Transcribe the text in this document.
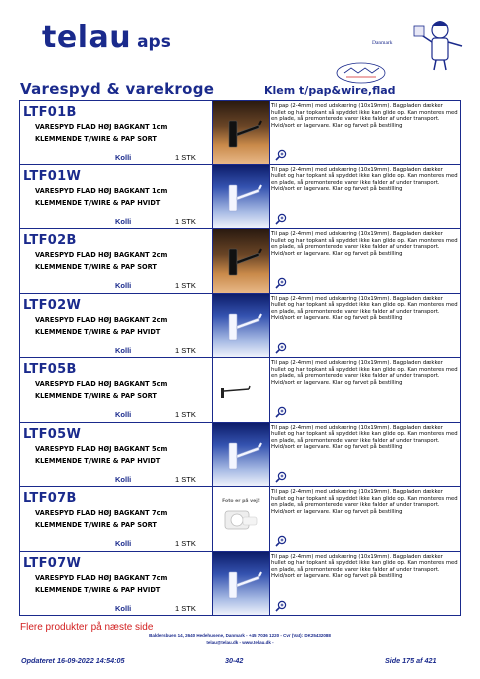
telau aps	Danmark
Varespyd & varekroge	Klem t/pap&wire,flad
LTF01B
VARESPYD FLAD HØJ BAGKANT 1cm
KLEMMENDE T/WIRE & PAP SORT
Kolli	1 STK
Til pap (2-4mm) med udskæring (10x19mm). Bagpladen dækker hullet og har topkant så spyddet ikke kan glide op. Kan monteres med en plade, så premonterede varer ikke falder af under transport. Hvid/sort er lagervare. Klar og farvet på bestilling
LTF01W
VARESPYD FLAD HØJ BAGKANT 1cm
KLEMMENDE T/WIRE & PAP HVIDT
Kolli	1 STK
Til pap (2-4mm) med udskæring (10x19mm). Bagpladen dækker hullet og har topkant så spyddet ikke kan glide op. Kan monteres med en plade, så premonterede varer ikke falder af under transport. Hvid/sort er lagervare. Klar og farvet på bestilling
LTF02B
VARESPYD FLAD HØJ BAGKANT 2cm
KLEMMENDE T/WIRE & PAP SORT
Kolli	1 STK
Til pap (2-4mm) med udskæring (10x19mm). Bagpladen dækker hullet og har topkant så spyddet ikke kan glide op. Kan monteres med en plade, så premonterede varer ikke falder af under transport. Hvid/sort er lagervare. Klar og farvet på bestilling
LTF02W
VARESPYD FLAD HØJ BAGKANT 2cm
KLEMMENDE T/WIRE & PAP HVIDT
Kolli	1 STK
Til pap (2-4mm) med udskæring (10x19mm). Bagpladen dækker hullet og har topkant så spyddet ikke kan glide op. Kan monteres med en plade, så premonterede varer ikke falder af under transport. Hvid/sort er lagervare. Klar og farvet på bestilling
LTF05B
VARESPYD FLAD HØJ BAGKANT 5cm
KLEMMENDE T/WIRE & PAP SORT
Kolli	1 STK
Til pap (2-4mm) med udskæring (10x19mm). Bagpladen dækker hullet og har topkant så spyddet ikke kan glide op. Kan monteres med en plade, så premonterede varer ikke falder af under transport. Hvid/sort er lagervare. Klar og farvet på bestilling
LTF05W
VARESPYD FLAD HØJ BAGKANT 5cm
KLEMMENDE T/WIRE & PAP HVIDT
Kolli	1 STK
Til pap (2-4mm) med udskæring (10x19mm). Bagpladen dækker hullet og har topkant så spyddet ikke kan glide op. Kan monteres med en plade, så premonterede varer ikke falder af under transport. Hvid/sort er lagervare. Klar og farvet på bestilling
LTF07B
VARESPYD FLAD HØJ BAGKANT 7cm
KLEMMENDE T/WIRE & PAP SORT
Kolli	1 STK
Foto er på vej!
Til pap (2-4mm) med udskæring (10x19mm). Bagpladen dækker hullet og har topkant så spyddet ikke kan glide op. Kan monteres med en plade, så premonterede varer ikke falder af under transport. Hvid/sort er lagervare. Klar og farvet på bestilling
LTF07W
VARESPYD FLAD HØJ BAGKANT 7cm
KLEMMENDE T/WIRE & PAP HVIDT
Kolli	1 STK
Til pap (2-4mm) med udskæring (10x19mm). Bagpladen dækker hullet og har topkant så spyddet ikke kan glide op. Kan monteres med en plade, så premonterede varer ikke falder af under transport. Hvid/sort er lagervare. Klar og farvet på bestilling
Flere produkter på næste side
Baldersbuen 14, 2640 Hedehusene, Danmark - +45 7036 1220 - Cvr (Vat): DK25432088
telau@telau.dk - www.telau.dk -
Opdateret 16-09-2022 14:54:05	30-42	Side 175 af 421
